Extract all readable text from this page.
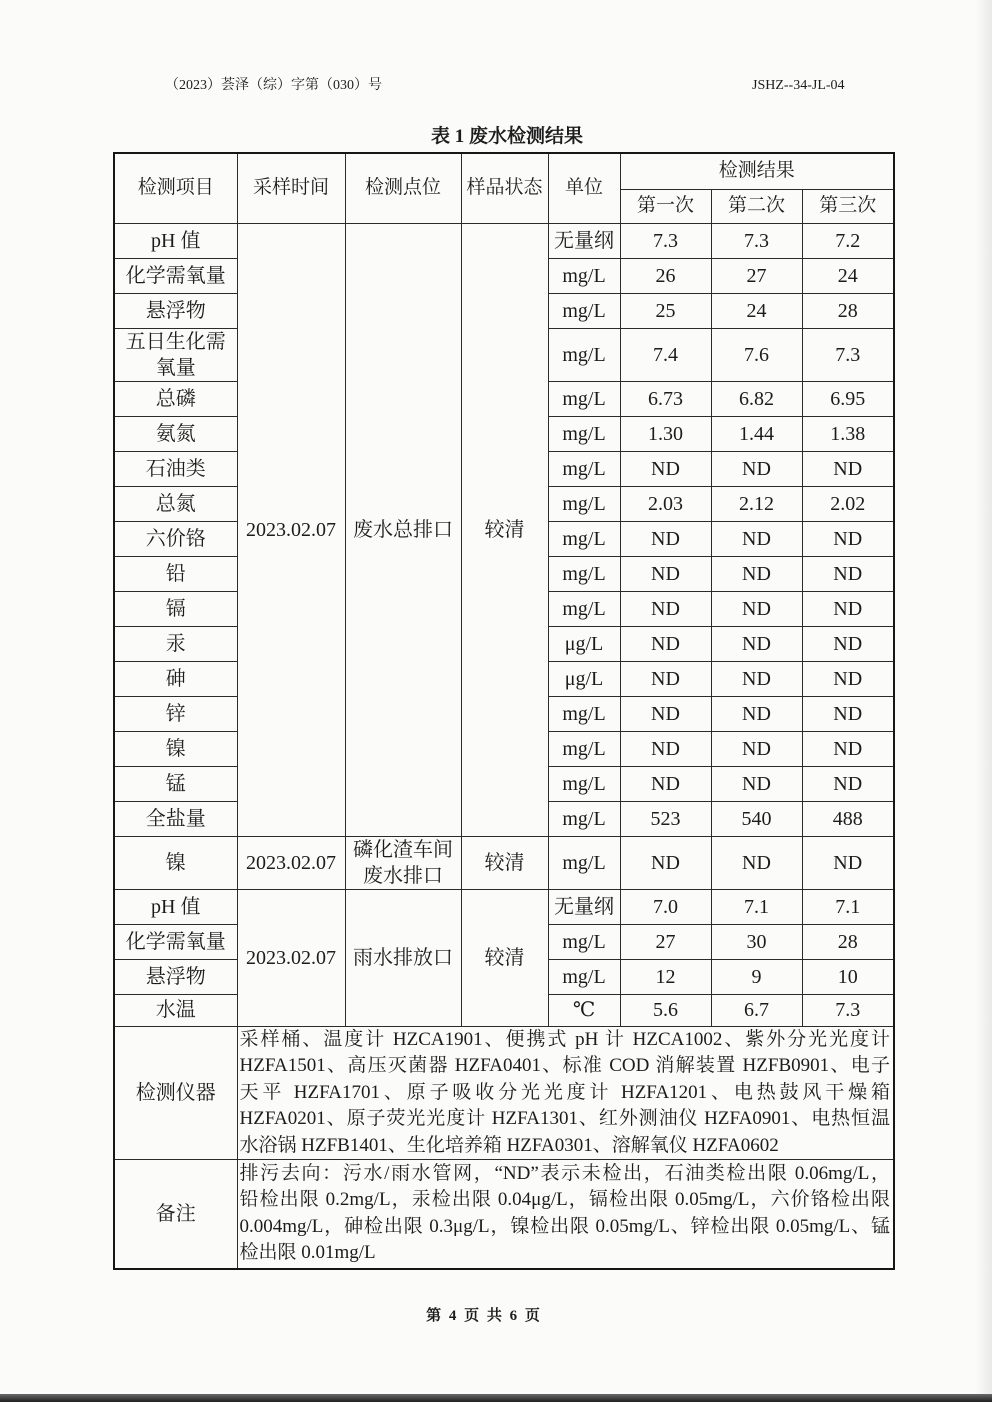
（2023）荟泽（综）字第（030）号	JSHZ--34-JL-04
表 1 废水检测结果
检测项目	采样时间	检测点位	样品状态	单位	检测结果		
					第一次	第二次	第三次
pH 值	2023.02.07	废水总排口	较清	无量纲	7.3	7.3	7.2
化学需氧量				mg/L	26	27	24
悬浮物				mg/L	25	24	28
五日生化需氧量				mg/L	7.4	7.6	7.3
总磷				mg/L	6.73	6.82	6.95
氨氮				mg/L	1.30	1.44	1.38
石油类				mg/L	ND	ND	ND
总氮				mg/L	2.03	2.12	2.02
六价铬				mg/L	ND	ND	ND
铅				mg/L	ND	ND	ND
镉				mg/L	ND	ND	ND
汞				μg/L	ND	ND	ND
砷				μg/L	ND	ND	ND
锌				mg/L	ND	ND	ND
镍				mg/L	ND	ND	ND
锰				mg/L	ND	ND	ND
全盐量				mg/L	523	540	488
镍	2023.02.07	磷化渣车间废水排口	较清	mg/L	ND	ND	ND
pH 值	2023.02.07	雨水排放口	较清	无量纲	7.0	7.1	7.1
化学需氧量				mg/L	27	30	28
悬浮物				mg/L	12	9	10
水温				℃	5.6	6.7	7.3
检测仪器	采样桶、温度计 HZCA1901、便携式 pH 计 HZCA1002、紫外分光光度计
HZFA1501、高压灭菌器 HZFA0401、标准 COD 消解装置 HZFB0901、电子
天平 HZFA1701、原子吸收分光光度计 HZFA1201、电热鼓风干燥箱
HZFA0201、原子荧光光度计 HZFA1301、红外测油仪 HZFA0901、电热恒温
水浴锅 HZFB1401、生化培养箱 HZFA0301、溶解氧仪 HZFA0602						

备注	排污去向：污水/雨水管网，“ND”表示未检出，石油类检出限 0.06mg/L，
铅检出限 0.2mg/L，汞检出限 0.04μg/L，镉检出限 0.05mg/L，六价铬检出限
0.004mg/L，砷检出限 0.3μg/L，镍检出限 0.05mg/L、锌检出限 0.05mg/L、锰
检出限 0.01mg/L						
第 4 页 共 6 页
